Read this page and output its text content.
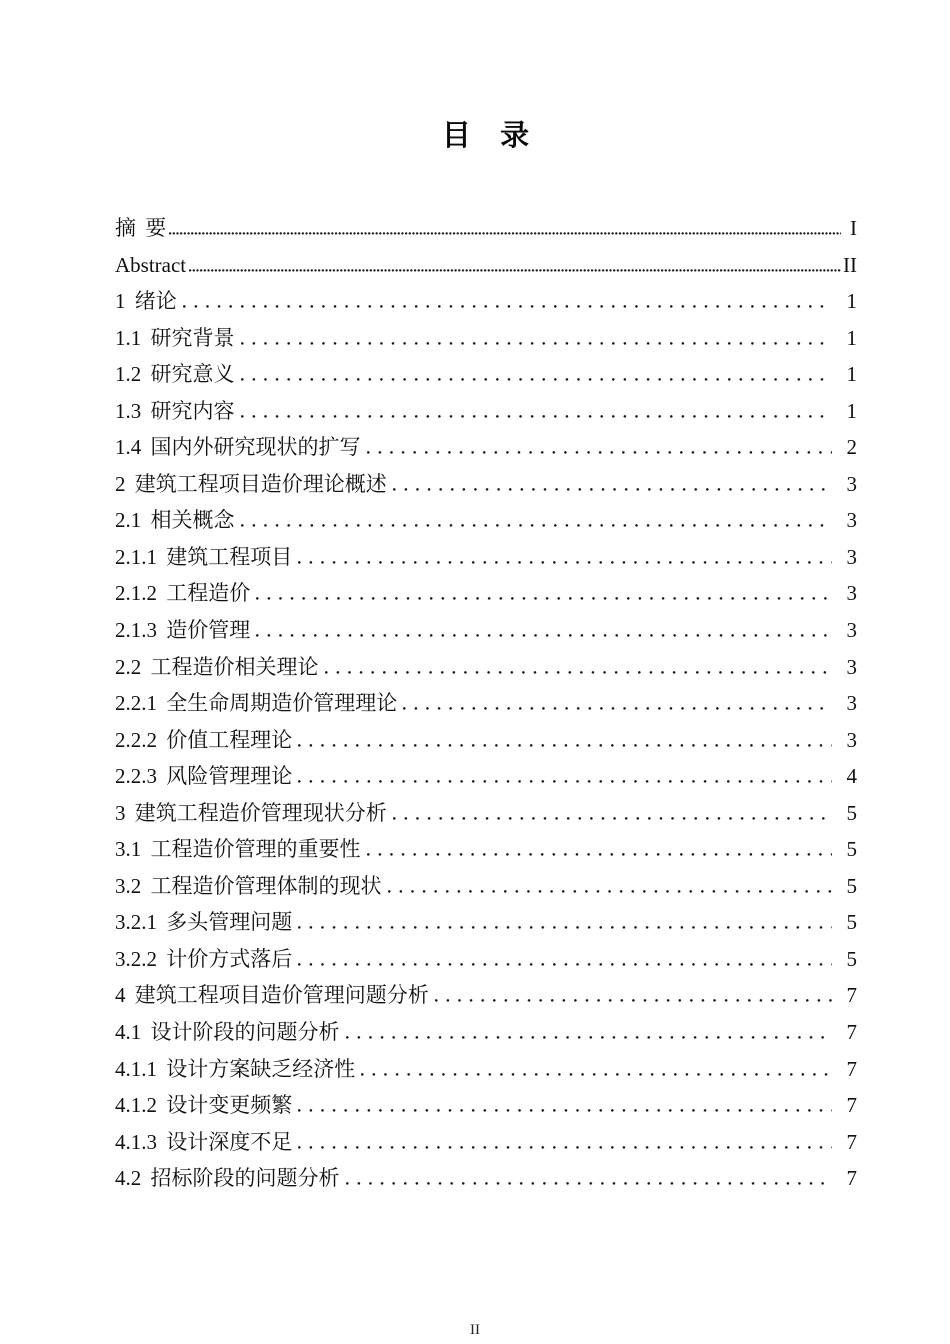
目 录
摘 要	I
Abstract	II
1 绪论	1
1.1 研究背景	1
1.2 研究意义	1
1.3 研究内容	1
1.4 国内外研究现状的扩写	2
2 建筑工程项目造价理论概述	3
2.1 相关概念	3
2.1.1 建筑工程项目	3
2.1.2 工程造价	3
2.1.3 造价管理	3
2.2 工程造价相关理论	3
2.2.1 全生命周期造价管理理论	3
2.2.2 价值工程理论	3
2.2.3 风险管理理论	4
3 建筑工程造价管理现状分析	5
3.1 工程造价管理的重要性	5
3.2 工程造价管理体制的现状	5
3.2.1 多头管理问题	5
3.2.2 计价方式落后	5
4 建筑工程项目造价管理问题分析	7
4.1 设计阶段的问题分析	7
4.1.1 设计方案缺乏经济性	7
4.1.2 设计变更频繁	7
4.1.3 设计深度不足	7
4.2 招标阶段的问题分析	7
II
